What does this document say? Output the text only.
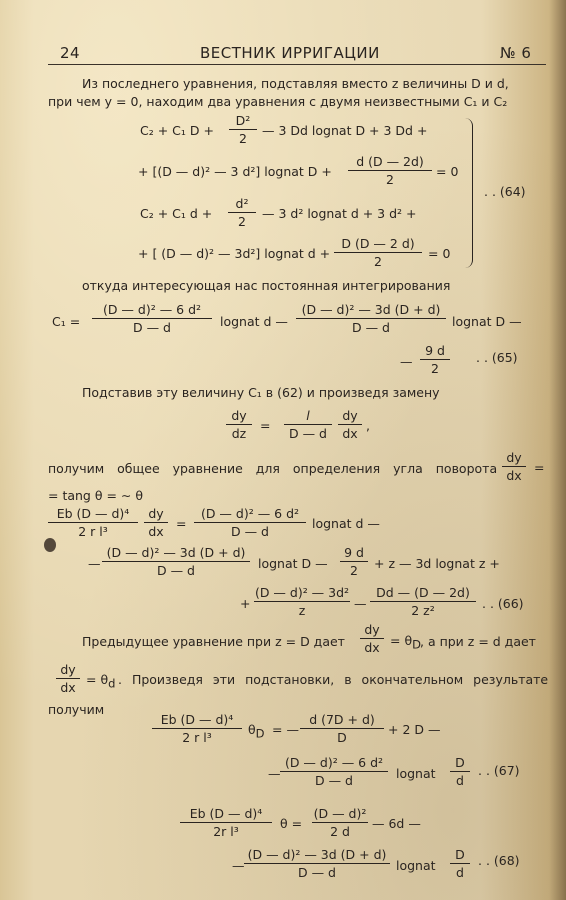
24	ВЕСТНИК ИРРИГАЦИИ	№ 6
Из последнего уравнения, подставляя вместо z величины D и d,
при чем y = 0, находим два уравнения с двумя неизвестными C₁ и C₂
C₂ + C₁ D +
D²
2
— 3 Dd lognat D + 3 Dd +
+ [(D — d)² — 3 d²] lognat D +
d (D — 2d)
2
= 0
C₂ + C₁ d +
d²
2
— 3 d² lognat d + 3 d² +
+ [ (D — d)² — 3d²] lognat d +
D (D — 2 d)
2
= 0
. . (64)
откуда интересующая нас постоянная интегрирования
C₁ =
(D — d)² — 6 d²
D — d	lognat d —
(D — d)² — 3d (D + d)
D — d	lognat D —
—
9 d
2
. . (65)
Подставив эту величину C₁ в (62) и произведя замену
dy
dz
=
l
D — d
dy
dx
,
получим общее уравнение для определения угла поворота
dy
dx
=
= tang θ = ∼ θ
Eb (D — d)⁴
2 r l³
dy
dx
=
(D — d)² — 6 d²
D — d
lognat d —
—
(D — d)² — 3d (D + d)
D — d	lognat D —
9 d
2	+ z — 3d lognat z +
+
(D — d)² — 3d²
z	—
Dd — (D — 2d)
2 z²	. . (66)
Предыдущее уравнение при z = D дает
dy
dx = $\theta_D$ , а при z = d дает
dy
dx
= $\theta_d$ . Произведя эти подстановки, в окончательном результате
получим
Eb (D — d)⁴
2 r l³
$\theta_D$ = —
d (7D + d)
D
+ 2 D —
—
(D — d)² — 6 d²
D — d	lognat
D
d
. . (67)
Eb (D — d)⁴
2r l³
θ =
(D — d)²
2 d
— 6d —
—
(D — d)² — 3d (D + d)
D — d	lognat
D
d
. . (68)
